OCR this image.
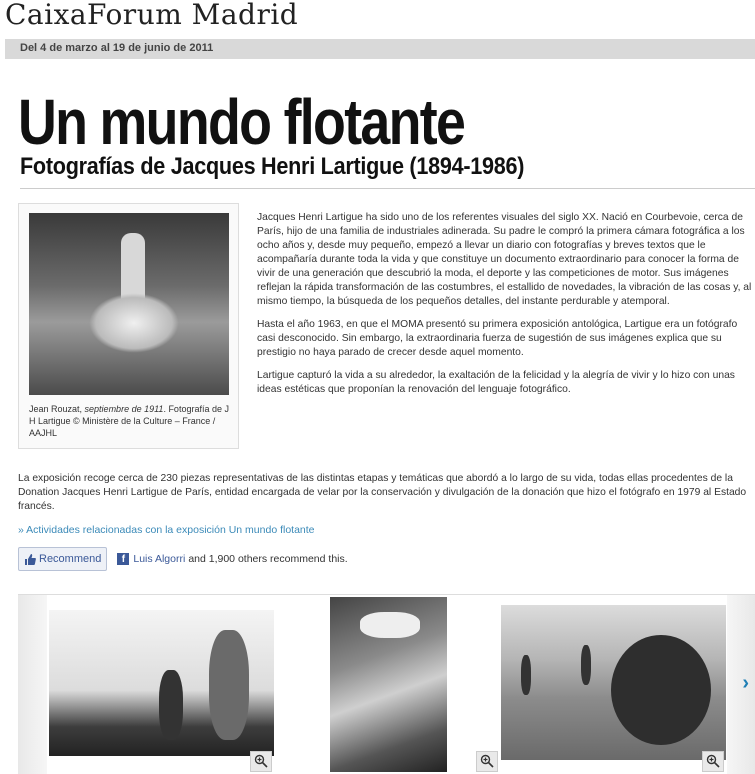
CaixaForum Madrid
Del 4 de marzo al 19 de junio de 2011
Un mundo flotante
Fotografías de Jacques Henri Lartigue (1894-1986)
Jean Rouzat, septiembre de 1911. Fotografía de J H Lartigue © Ministère de la Culture – France / AAJHL

Jacques Henri Lartigue ha sido uno de los referentes visuales del siglo XX. Nació en Courbevoie, cerca de París, hijo de una familia de industriales adinerada. Su padre le compró la primera cámara fotográfica a los ocho años y, desde muy pequeño, empezó a llevar un diario con fotografías y breves textos que le acompañaría durante toda la vida y que constituye un documento extraordinario para conocer la forma de vivir de una generación que descubrió la moda, el deporte y las competiciones de motor. Sus imágenes reflejan la rápida transformación de las costumbres, el estallido de novedades, la vibración de las cosas y, al mismo tiempo, la búsqueda de los pequeños detalles, del instante perdurable y atemporal.

Hasta el año 1963, en que el MOMA presentó su primera exposición antológica, Lartigue era un fotógrafo casi desconocido. Sin embargo, la extraordinaria fuerza de sugestión de sus imágenes explica que su prestigio no haya parado de crecer desde aquel momento.

Lartigue capturó la vida a su alrededor, la exaltación de la felicidad y la alegría de vivir y lo hizo con unas ideas estéticas que proponían la renovación del lenguaje fotográfico.

La exposición recoge cerca de 230 piezas representativas de las distintas etapas y temáticas que abordó a lo largo de su vida, todas ellas procedentes de la Donation Jacques Henri Lartigue de París, entidad encargada de velar por la conservación y divulgación de la donación que hizo el fotógrafo en 1979 al Estado francés.
» Actividades relacionadas con la exposición Un mundo flotante
Recommend	f Luis Algorri and 1,900 others recommend this.
›
